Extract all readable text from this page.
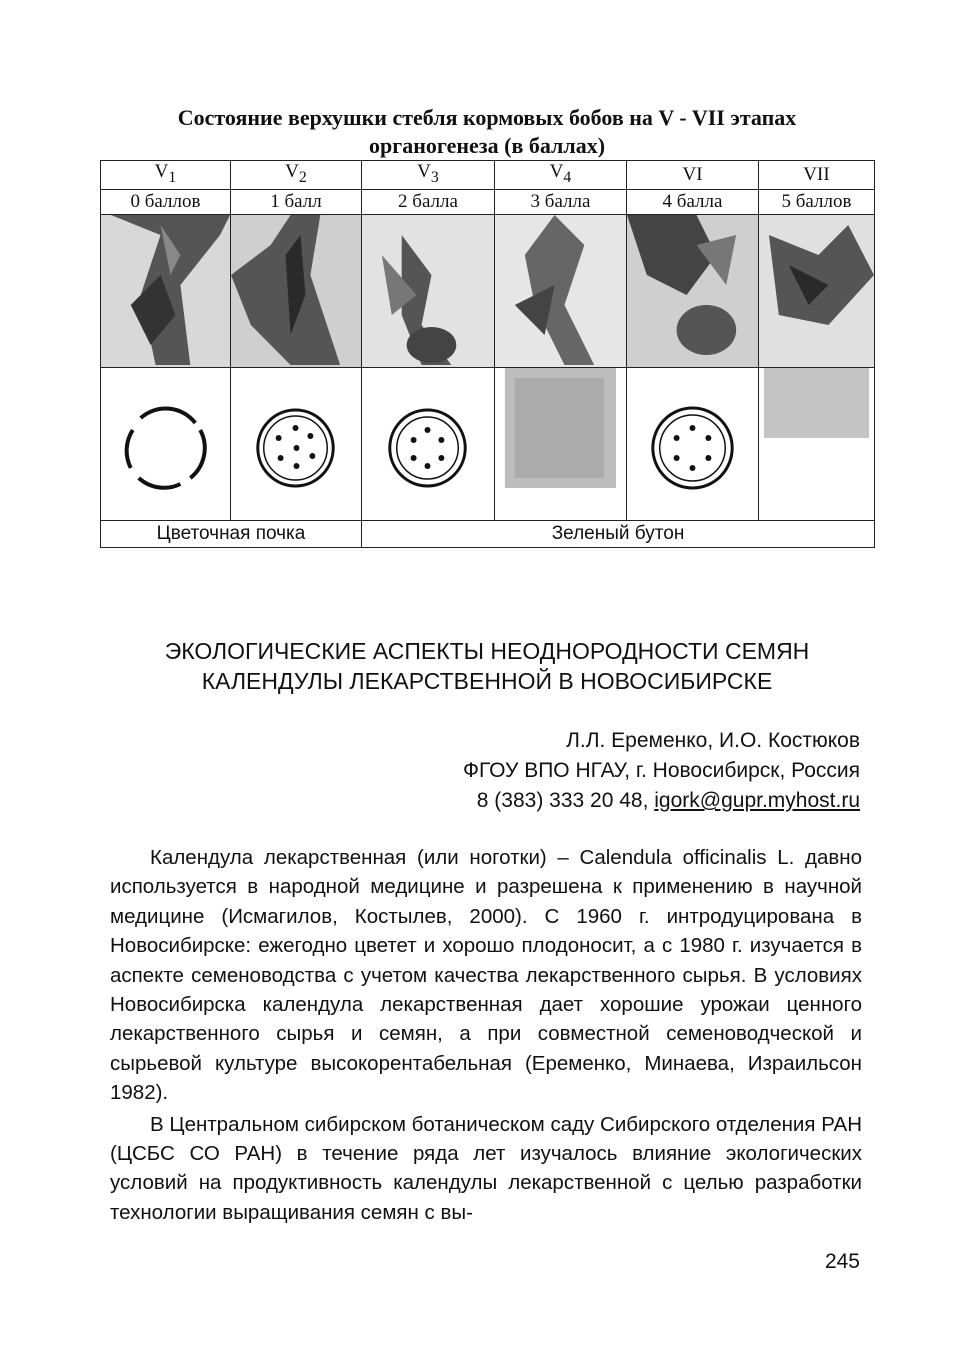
Состояние верхушки стебля кормовых бобов на V - VII этапах
органогенеза (в баллах)
$V_1$	$V_2$	$V_3$	$V_4$	VI	VII
0 баллов	1 балл	2 балла	3 балла	4 балла	5 баллов

Цветочная почка		Зеленый бутон			
ЭКОЛОГИЧЕСКИЕ АСПЕКТЫ НЕОДНОРОДНОСТИ СЕМЯН
КАЛЕНДУЛЫ ЛЕКАРСТВЕННОЙ В НОВОСИБИРСКЕ
Л.Л. Еременко, И.О. Костюков
ФГОУ ВПО НГАУ, г. Новосибирск, Россия
8 (383) 333 20 48, igork@gupr.myhost.ru

Календула лекарственная (или ноготки) – Calendula officinalis L. давно используется в народной медицине и разрешена к применению в научной медицине (Исмагилов, Костылев, 2000). С 1960 г. интродуцирована в Новосибирске: ежегодно цветет и хорошо плодоносит, а с 1980 г. изучается в аспекте семеноводства с учетом качества лекарственного сырья. В условиях Новосибирска календула лекарственная дает хорошие урожаи ценного лекарственного сырья и семян, а при совместной семеноводческой и сырьевой культуре высокорентабельная (Еременко, Минаева, Израильсон 1982).

В Центральном сибирском ботаническом саду Сибирского отделения РАН (ЦСБС СО РАН) в течение ряда лет изучалось влияние экологических условий на продуктивность календулы лекарственной с целью разработки технологии выращивания семян с вы-

245
